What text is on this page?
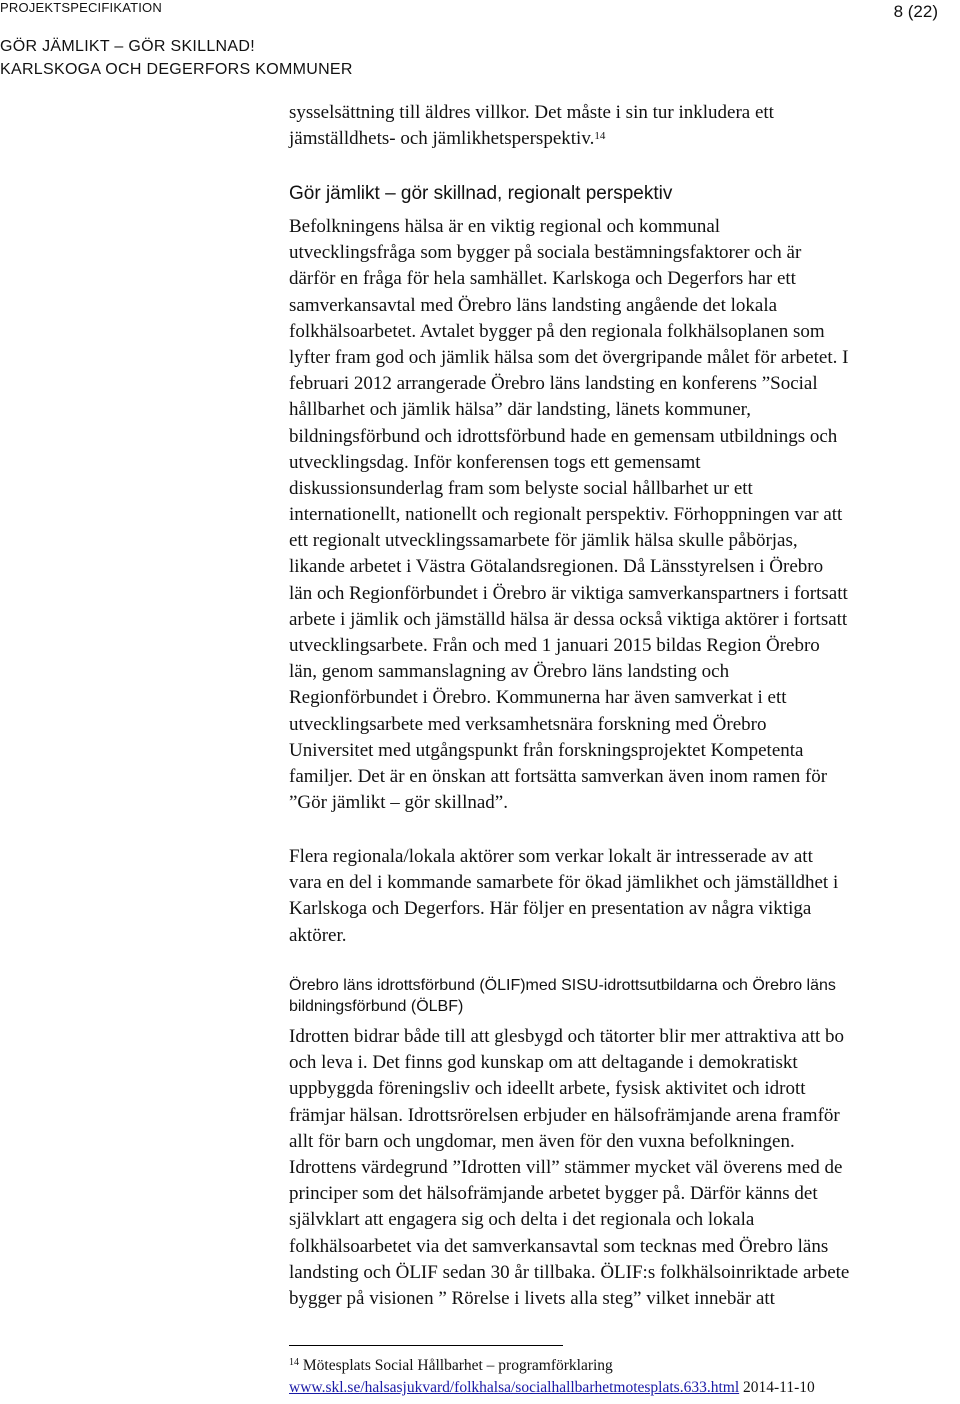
PROJEKTSPECIFIKATION	8 (22)
GÖR JÄMLIKT – GÖR SKILLNAD!
KARLSKOGA OCH DEGERFORS KOMMUNER
sysselsättning till äldres villkor. Det måste i sin tur inkludera ett
jämställdhets- och jämlikhetsperspektiv.$^{14}$
Gör jämlikt – gör skillnad, regionalt perspektiv
Befolkningens hälsa är en viktig regional och kommunal
utvecklingsfråga som bygger på sociala bestämningsfaktorer och är
därför en fråga för hela samhället. Karlskoga och Degerfors har ett
samverkansavtal med Örebro läns landsting angående det lokala
folkhälsoarbetet. Avtalet bygger på den regionala folkhälsoplanen som
lyfter fram god och jämlik hälsa som det övergripande målet för arbetet. I
februari 2012 arrangerade Örebro läns landsting en konferens ”Social
hållbarhet och jämlik hälsa” där landsting, länets kommuner,
bildningsförbund och idrottsförbund hade en gemensam utbildnings och
utvecklingsdag. Inför konferensen togs ett gemensamt
diskussionsunderlag fram som belyste social hållbarhet ur ett
internationellt, nationellt och regionalt perspektiv. Förhoppningen var att
ett regionalt utvecklingssamarbete för jämlik hälsa skulle påbörjas,
likande arbetet i Västra Götalandsregionen. Då Länsstyrelsen i Örebro
län och Regionförbundet i Örebro är viktiga samverkanspartners i fortsatt
arbete i jämlik och jämställd hälsa är dessa också viktiga aktörer i fortsatt
utvecklingsarbete. Från och med 1 januari 2015 bildas Region Örebro
län, genom sammanslagning av Örebro läns landsting och
Regionförbundet i Örebro. Kommunerna har även samverkat i ett
utvecklingsarbete med verksamhetsnära forskning med Örebro
Universitet med utgångspunkt från forskningsprojektet Kompetenta
familjer. Det är en önskan att fortsätta samverkan även inom ramen för
”Gör jämlikt – gör skillnad”.
Flera regionala/lokala aktörer som verkar lokalt är intresserade av att
vara en del i kommande samarbete för ökad jämlikhet och jämställdhet i
Karlskoga och Degerfors. Här följer en presentation av några viktiga
aktörer.
Örebro läns idrottsförbund (ÖLIF)med SISU-idrottsutbildarna och Örebro läns
bildningsförbund (ÖLBF)
Idrotten bidrar både till att glesbygd och tätorter blir mer attraktiva att bo
och leva i. Det finns god kunskap om att deltagande i demokratiskt
uppbyggda föreningsliv och ideellt arbete, fysisk aktivitet och idrott
främjar hälsan. Idrottsrörelsen erbjuder en hälsofrämjande arena framför
allt för barn och ungdomar, men även för den vuxna befolkningen.
Idrottens värdegrund ”Idrotten vill” stämmer mycket väl överens med de
principer som det hälsofrämjande arbetet bygger på. Därför känns det
självklart att engagera sig och delta i det regionala och lokala
folkhälsoarbetet via det samverkansavtal som tecknas med Örebro läns
landsting och ÖLIF sedan 30 år tillbaka. ÖLIF:s folkhälsoinriktade arbete
bygger på visionen ” Rörelse i livets alla steg” vilket innebär att
$^{14}$ Mötesplats Social Hållbarhet – programförklaring
www.skl.se/halsasjukvard/folkhalsa/socialhallbarhetmotesplats.633.html 2014-11-10
